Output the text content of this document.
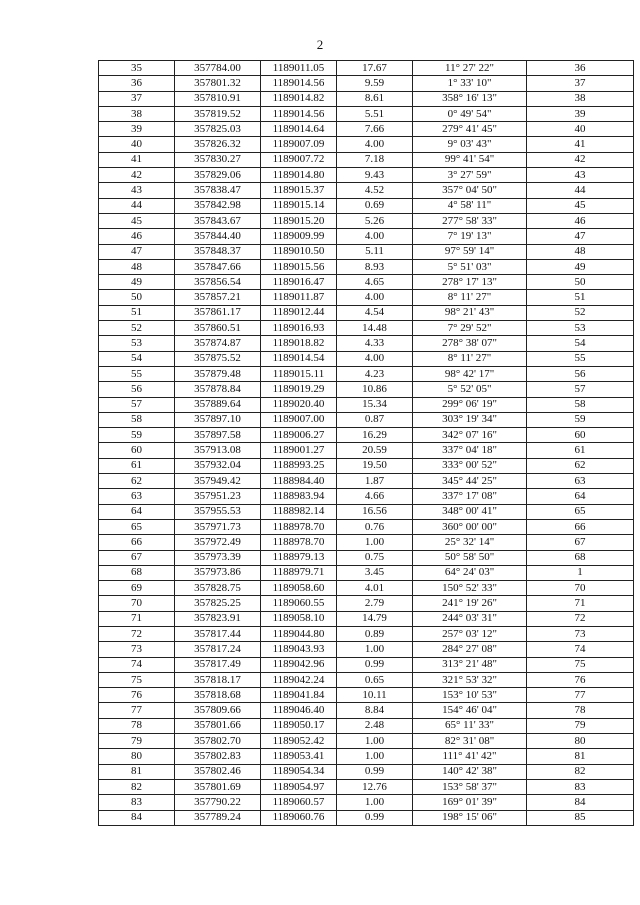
2
35	357784.00	1189011.05	17.67	11° 27' 22"	36
36	357801.32	1189014.56	9.59	1° 33' 10"	37
37	357810.91	1189014.82	8.61	358° 16' 13"	38
38	357819.52	1189014.56	5.51	0° 49' 54"	39
39	357825.03	1189014.64	7.66	279° 41' 45"	40
40	357826.32	1189007.09	4.00	9° 03' 43"	41
41	357830.27	1189007.72	7.18	99° 41' 54"	42
42	357829.06	1189014.80	9.43	3° 27' 59"	43
43	357838.47	1189015.37	4.52	357° 04' 50"	44
44	357842.98	1189015.14	0.69	4° 58' 11"	45
45	357843.67	1189015.20	5.26	277° 58' 33"	46
46	357844.40	1189009.99	4.00	7° 19' 13"	47
47	357848.37	1189010.50	5.11	97° 59' 14"	48
48	357847.66	1189015.56	8.93	5° 51' 03"	49
49	357856.54	1189016.47	4.65	278° 17' 13"	50
50	357857.21	1189011.87	4.00	8° 11' 27"	51
51	357861.17	1189012.44	4.54	98° 21' 43"	52
52	357860.51	1189016.93	14.48	7° 29' 52"	53
53	357874.87	1189018.82	4.33	278° 38' 07"	54
54	357875.52	1189014.54	4.00	8° 11' 27"	55
55	357879.48	1189015.11	4.23	98° 42' 17"	56
56	357878.84	1189019.29	10.86	5° 52' 05"	57
57	357889.64	1189020.40	15.34	299° 06' 19"	58
58	357897.10	1189007.00	0.87	303° 19' 34"	59
59	357897.58	1189006.27	16.29	342° 07' 16"	60
60	357913.08	1189001.27	20.59	337° 04' 18"	61
61	357932.04	1188993.25	19.50	333° 00' 52"	62
62	357949.42	1188984.40	1.87	345° 44' 25"	63
63	357951.23	1188983.94	4.66	337° 17' 08"	64
64	357955.53	1188982.14	16.56	348° 00' 41"	65
65	357971.73	1188978.70	0.76	360° 00' 00"	66
66	357972.49	1188978.70	1.00	25° 32' 14"	67
67	357973.39	1188979.13	0.75	50° 58' 50"	68
68	357973.86	1188979.71	3.45	64° 24' 03"	1
69	357828.75	1189058.60	4.01	150° 52' 33"	70
70	357825.25	1189060.55	2.79	241° 19' 26"	71
71	357823.91	1189058.10	14.79	244° 03' 31"	72
72	357817.44	1189044.80	0.89	257° 03' 12"	73
73	357817.24	1189043.93	1.00	284° 27' 08"	74
74	357817.49	1189042.96	0.99	313° 21' 48"	75
75	357818.17	1189042.24	0.65	321° 53' 32"	76
76	357818.68	1189041.84	10.11	153° 10' 53"	77
77	357809.66	1189046.40	8.84	154° 46' 04"	78
78	357801.66	1189050.17	2.48	65° 11' 33"	79
79	357802.70	1189052.42	1.00	82° 31' 08"	80
80	357802.83	1189053.41	1.00	111° 41' 42"	81
81	357802.46	1189054.34	0.99	140° 42' 38"	82
82	357801.69	1189054.97	12.76	153° 58' 37"	83
83	357790.22	1189060.57	1.00	169° 01' 39"	84
84	357789.24	1189060.76	0.99	198° 15' 06"	85
